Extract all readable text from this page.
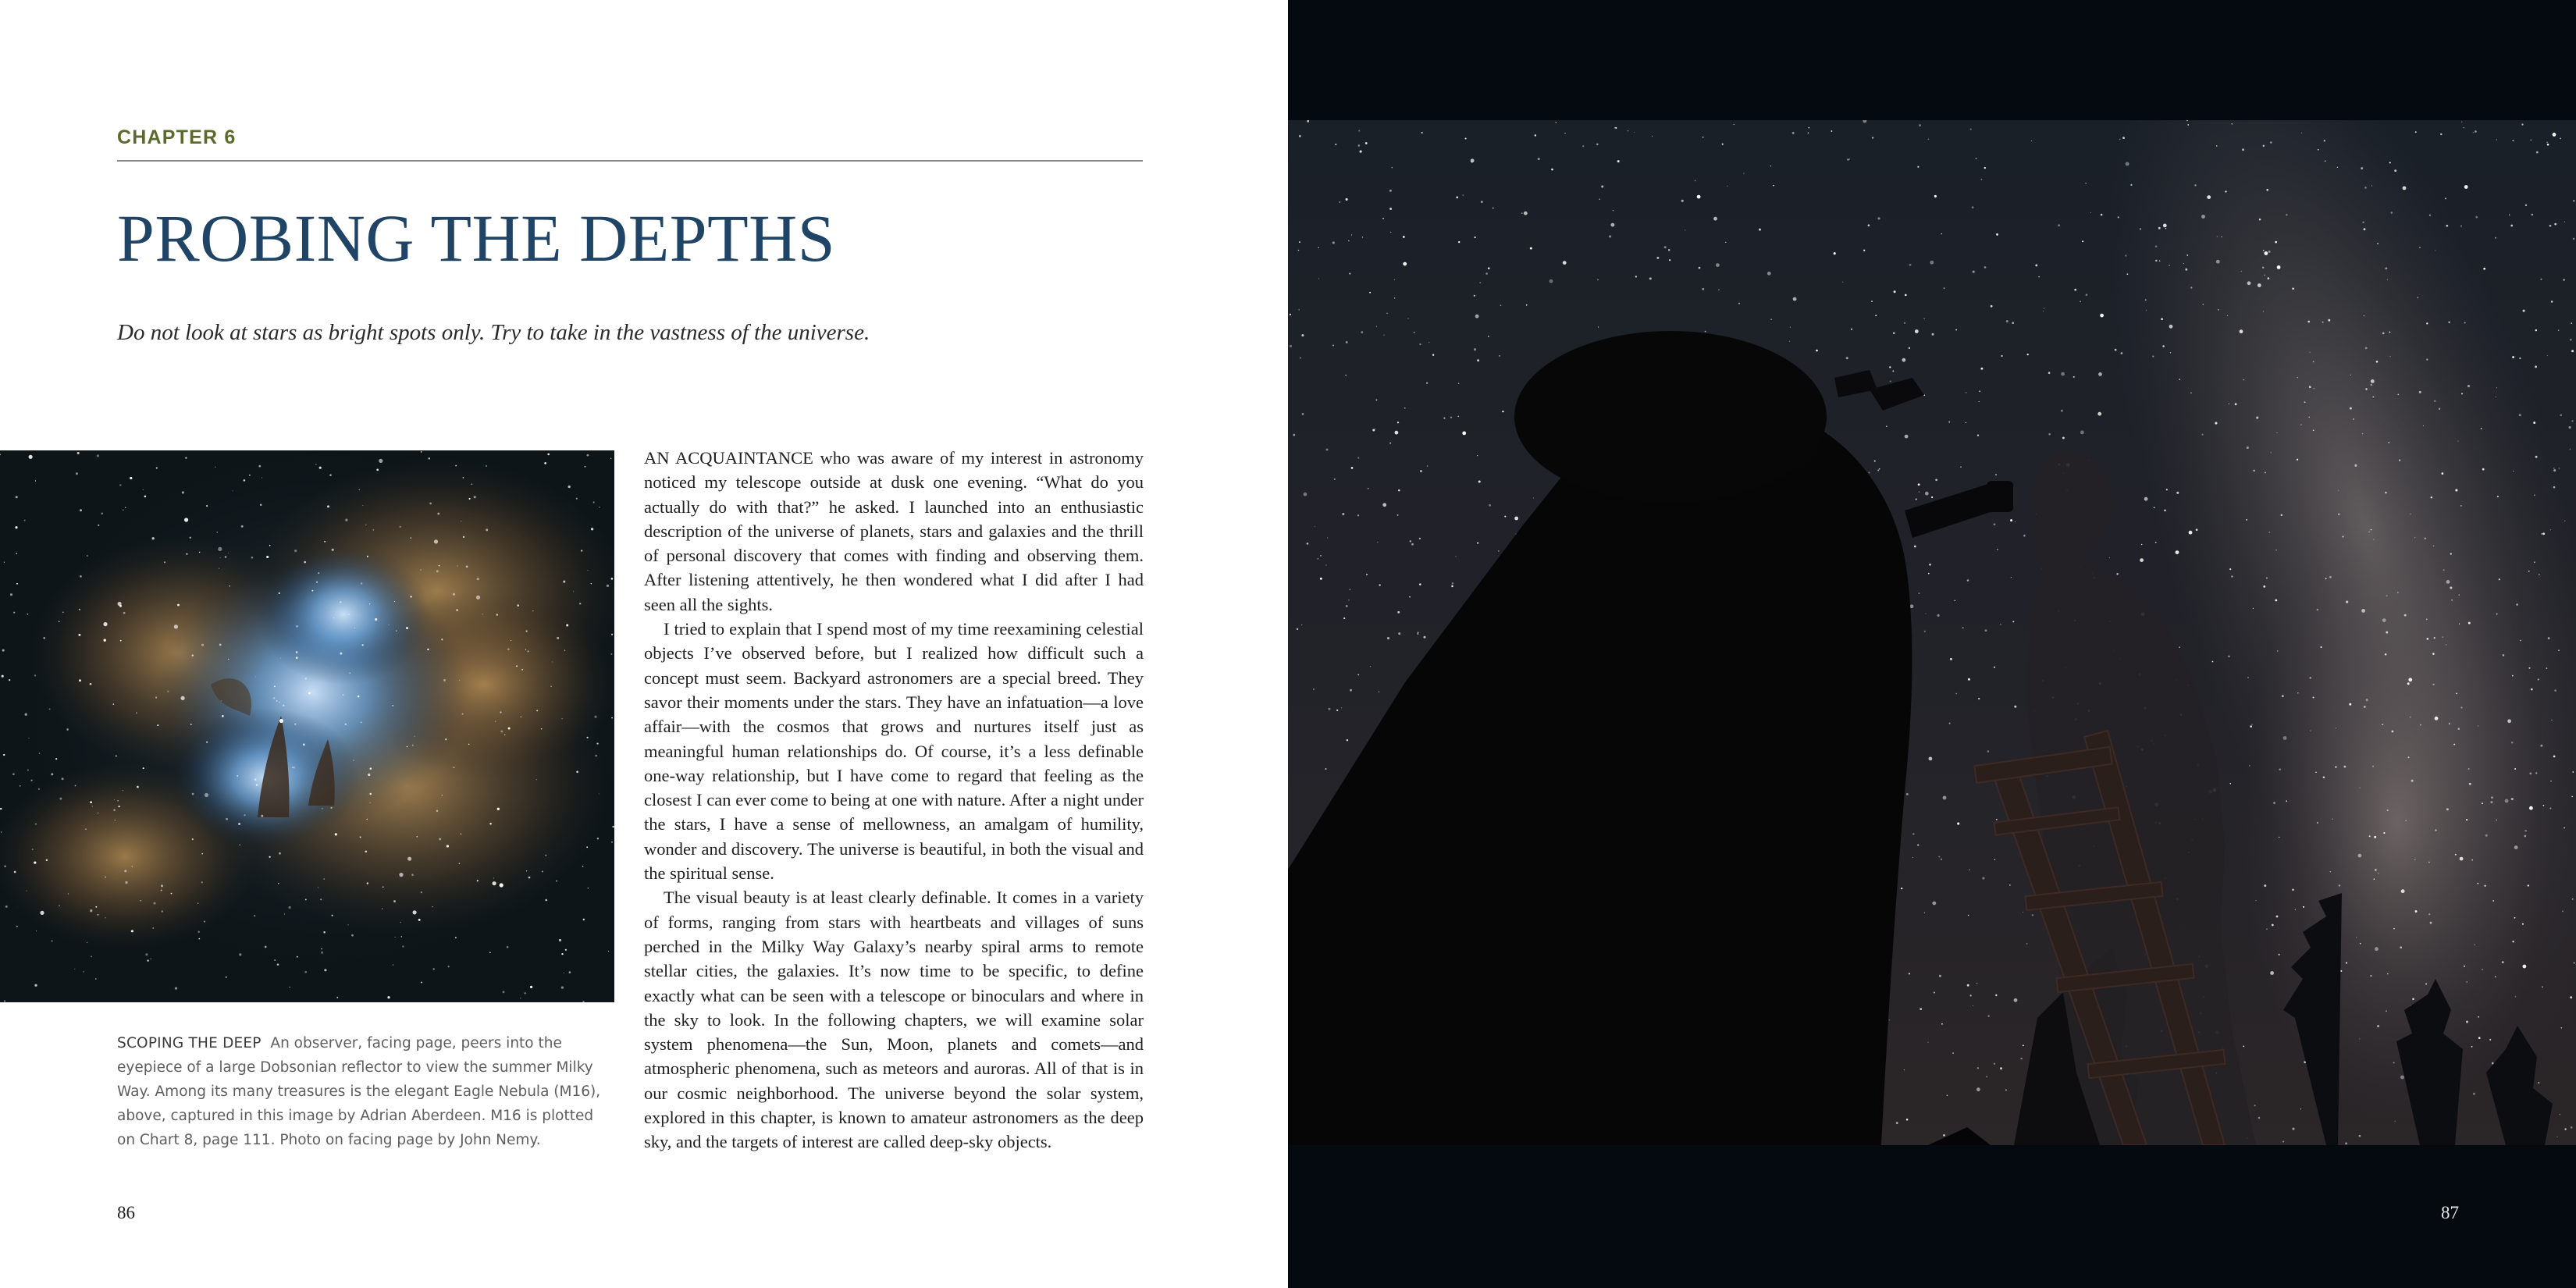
CHAPTER 6
PROBING THE DEPTHS
Do not look at stars as bright spots only. Try to take in the vastness of the universe.
SCOPING THE DEEP An observer, facing page, peers into the eyepiece of a large Dobsonian reflector to view the summer Milky Way. Among its many treasures is the elegant Eagle Nebula (M16), above, captured in this image by Adrian Aberdeen. M16 is plotted on Chart 8, page 111. Photo on facing page by John Nemy.

AN ACQUAINTANCE who was aware of my interest in astronomy noticed my telescope outside at dusk one evening. “What do you actually do with that?” he asked. I launched into an enthusiastic description of the universe of planets, stars and galaxies and the thrill of personal discovery that comes with finding and observing them. After listening attentively, he then wondered what I did after I had seen all the sights.

I tried to explain that I spend most of my time reexamining celestial objects I’ve observed before, but I realized how difficult such a concept must seem. Backyard astronomers are a special breed. They savor their moments under the stars. They have an infatuation—a love affair—with the cosmos that grows and nurtures itself just as meaningful human relationships do. Of course, it’s a less definable one-way relationship, but I have come to regard that feeling as the closest I can ever come to being at one with nature. After a night under the stars, I have a sense of mellowness, an amalgam of humility, wonder and discovery. The universe is beautiful, in both the visual and the spiritual sense.

The visual beauty is at least clearly definable. It comes in a variety of forms, ranging from stars with heartbeats and villages of suns perched in the Milky Way Galaxy’s nearby spiral arms to remote stellar cities, the galaxies. It’s now time to be specific, to define exactly what can be seen with a telescope or binoculars and where in the sky to look. In the following chapters, we will examine solar system phenomena—the Sun, Moon, planets and comets—and atmospheric phenomena, such as meteors and auroras. All of that is in our cosmic neighborhood. The universe beyond the solar system, explored in this chapter, is known to amateur astronomers as the deep sky, and the targets of interest are called deep-sky objects.

86	87
